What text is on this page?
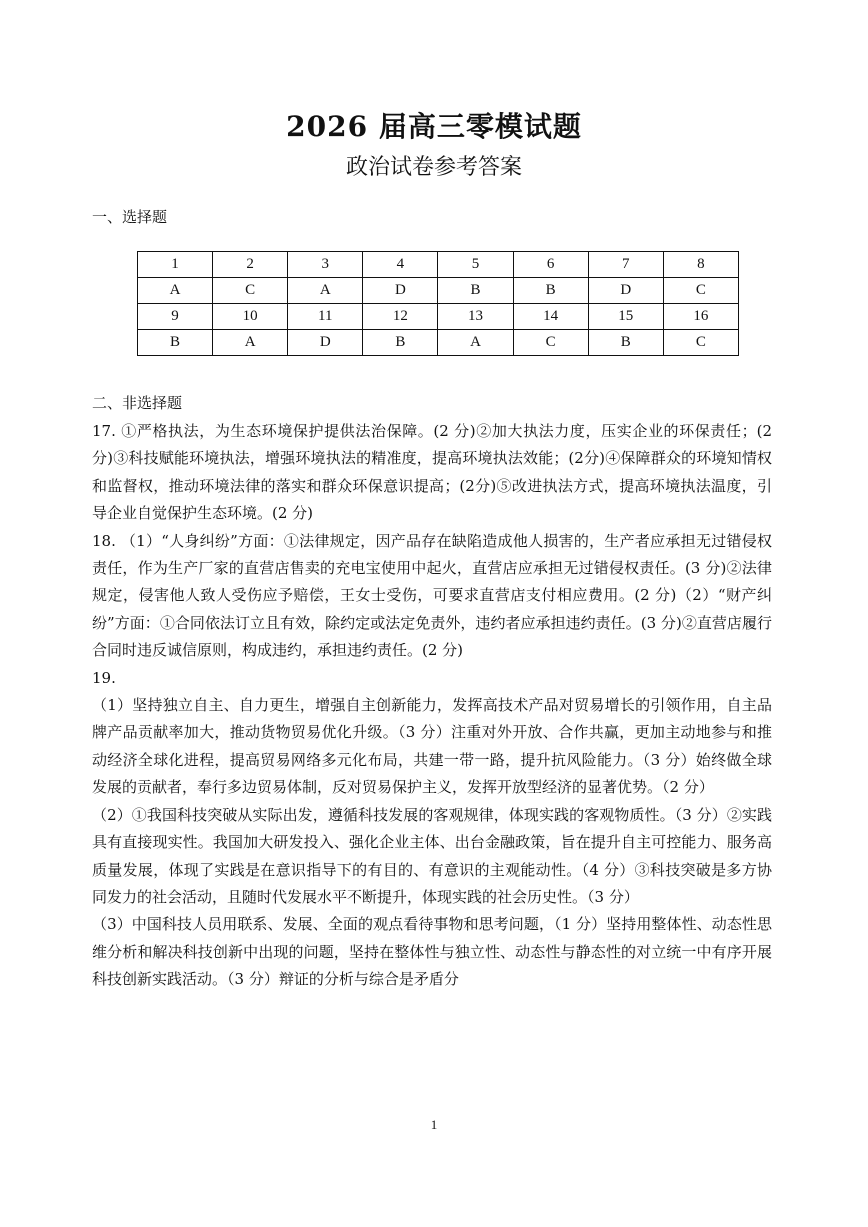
2026 届高三零模试题
政治试卷参考答案
一、选择题
1	2	3	4	5	6	7	8
A	C	A	D	B	B	D	C
9	10	11	12	13	14	15	16
B	A	D	B	A	C	B	C
二、非选择题

17. ①严格执法，为生态环境保护提供法治保障。(2 分)②加大执法力度，压实企业的环保责任；(2 分)③科技赋能环境执法，增强环境执法的精准度，提高环境执法效能；(2分)④保障群众的环境知情权和监督权，推动环境法律的落实和群众环保意识提高；(2分)⑤改进执法方式，提高环境执法温度，引导企业自觉保护生态环境。(2 分)

18. （1）“人身纠纷”方面：①法律规定，因产品存在缺陷造成他人损害的，生产者应承担无过错侵权责任，作为生产厂家的直营店售卖的充电宝使用中起火，直营店应承担无过错侵权责任。(3 分)②法律规定，侵害他人致人受伤应予赔偿，王女士受伤，可要求直营店支付相应费用。(2 分)（2）“财产纠纷”方面：①合同依法订立且有效，除约定或法定免责外，违约者应承担违约责任。(3 分)②直营店履行合同时违反诚信原则，构成违约，承担违约责任。(2 分)

19.

（1）坚持独立自主、自力更生，增强自主创新能力，发挥高技术产品对贸易增长的引领作用，自主品牌产品贡献率加大，推动货物贸易优化升级。（3 分）注重对外开放、合作共赢，更加主动地参与和推动经济全球化进程，提高贸易网络多元化布局，共建一带一路，提升抗风险能力。（3 分）始终做全球发展的贡献者，奉行多边贸易体制，反对贸易保护主义，发挥开放型经济的显著优势。（2 分）

（2）①我国科技突破从实际出发，遵循科技发展的客观规律，体现实践的客观物质性。（3 分）②实践具有直接现实性。我国加大研发投入、强化企业主体、出台金融政策，旨在提升自主可控能力、服务高质量发展，体现了实践是在意识指导下的有目的、有意识的主观能动性。（4 分）③科技突破是多方协同发力的社会活动，且随时代发展水平不断提升，体现实践的社会历史性。（3 分）

（3）中国科技人员用联系、发展、全面的观点看待事物和思考问题，（1 分）坚持用整体性、动态性思维分析和解决科技创新中出现的问题，坚持在整体性与独立性、动态性与静态性的对立统一中有序开展科技创新实践活动。（3 分）辩证的分析与综合是矛盾分

1
